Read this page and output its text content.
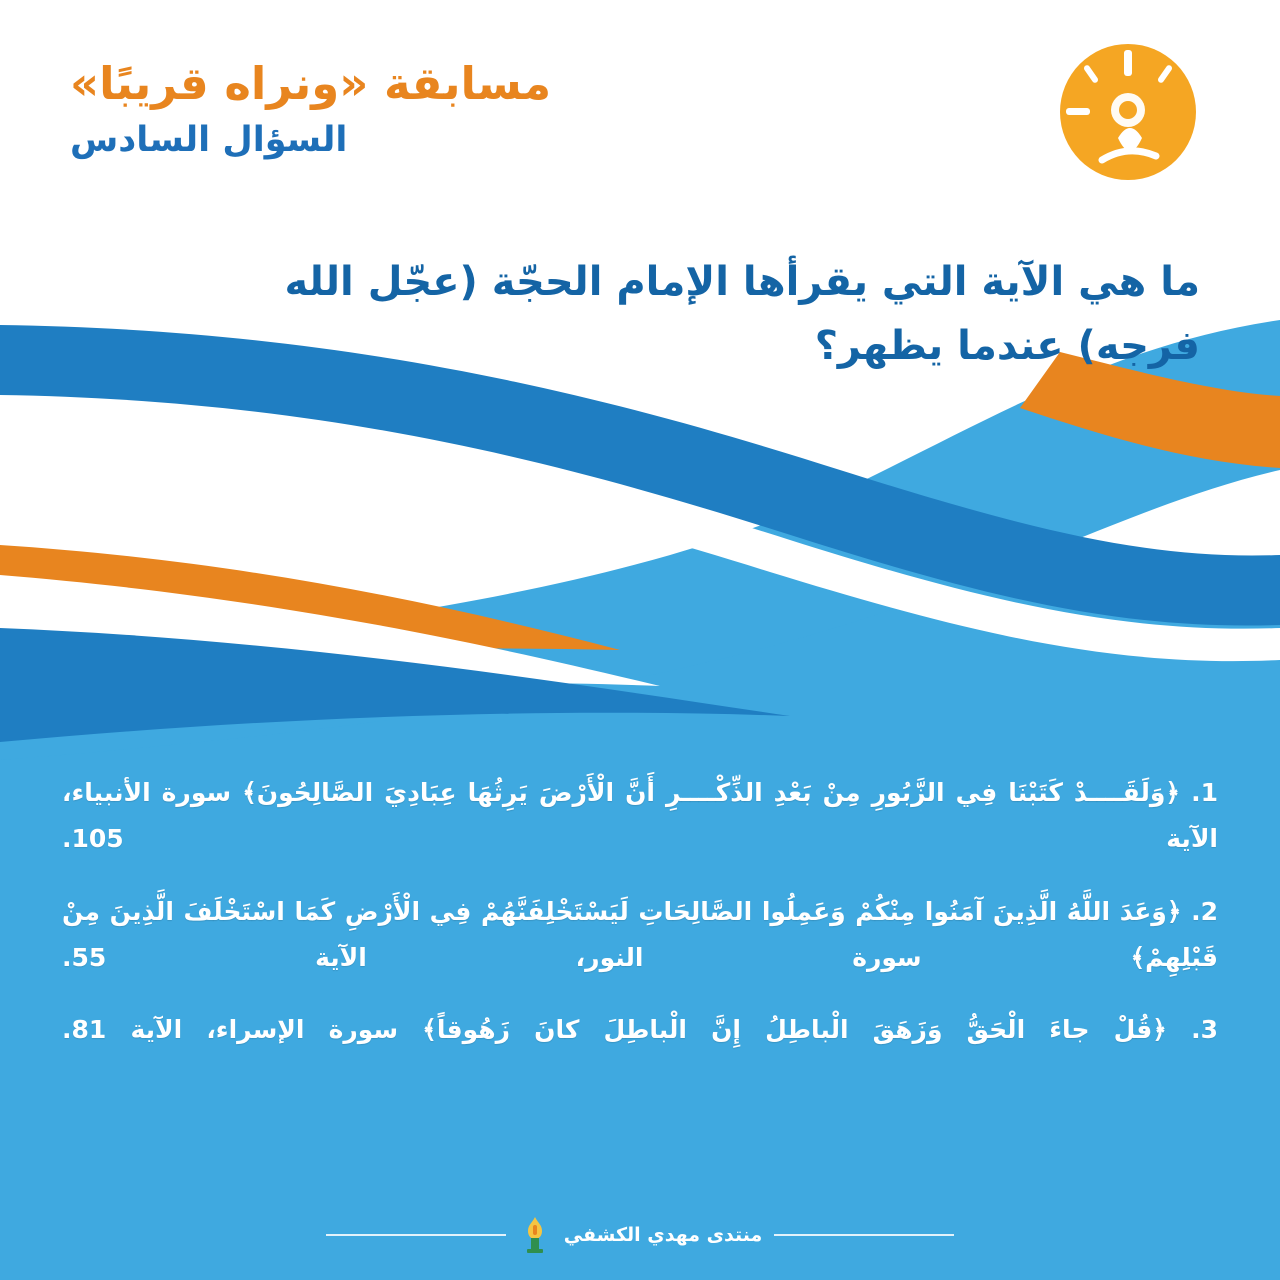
مسابقة «ونراه قريبًا»
السؤال السادس
ما هي الآية التي يقرأها الإمام الحجّة (عجّل الله فرجه) عندما يظهر؟
1. ﴿وَلَقَــــدْ كَتَبْنَا فِي الزَّبُورِ مِنْ بَعْدِ الذِّكْــــرِ أَنَّ الْأَرْضَ يَرِثُهَا عِبَادِيَ الصَّالِحُونَ﴾ سورة الأنبياء، الآية 105.
2. ﴿وَعَدَ اللَّهُ الَّذِينَ آمَنُوا مِنْكُمْ وَعَمِلُوا الصَّالِحَاتِ لَيَسْتَخْلِفَنَّهُمْ فِي الْأَرْضِ كَمَا اسْتَخْلَفَ الَّذِينَ مِنْ قَبْلِهِمْ﴾ سورة النور، الآية 55.
3. ﴿قُلْ جاءَ الْحَقُّ وَزَهَقَ الْباطِلُ إِنَّ الْباطِلَ كانَ زَهُوقاً﴾ سورة الإسراء، الآية 81.
منتدى مهدي الكشفي
